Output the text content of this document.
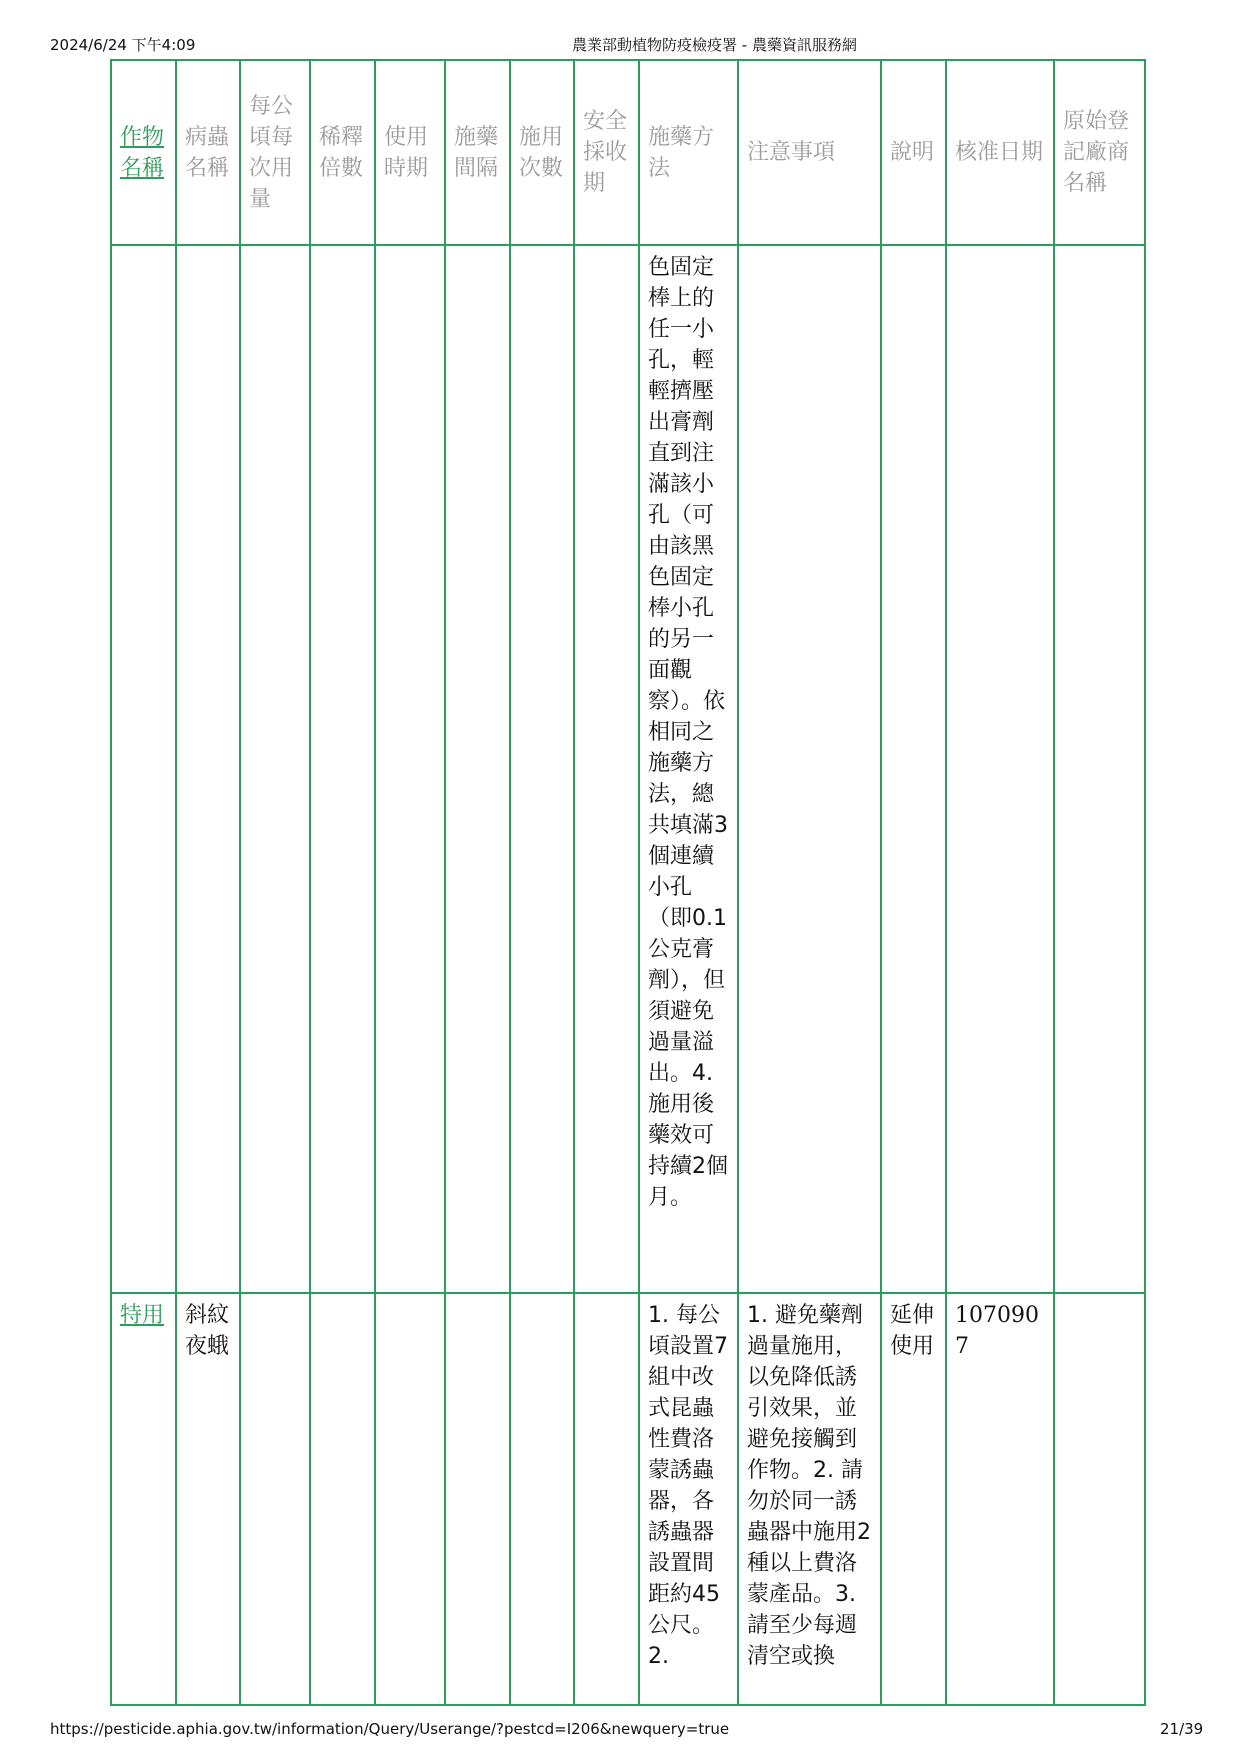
2024/6/24 下午4:09	農業部動植物防疫檢疫署 - 農藥資訊服務網
作物名稱	病蟲名稱	每公頃每次用量	稀釋倍數	使用時期	施藥間隔	施用次數	安全採收期	施藥方法	注意事項	說明	核准日期	原始登記廠商名稱

								色固定棒上的任一小孔，輕輕擠壓出膏劑直到注滿該小孔（可由該黑色固定棒小孔的另一面觀察）。依相同之施藥方法，總共填滿3個連續小孔（即0.1公克膏劑），但須避免過量溢出。4. 施用後藥效可持續2個月。				

特用	斜紋夜蛾							1. 每公頃設置7組中改式昆蟲性費洛蒙誘蟲器，各誘蟲器設置間距約45公尺。2.	1. 避免藥劑過量施用，以免降低誘引效果，並避免接觸到作物。2. 請勿於同一誘蟲器中施用2種以上費洛蒙產品。3. 請至少每週清空或換	延伸使用	1070907	

https://pesticide.aphia.gov.tw/information/Query/Userange/?pestcd=I206&newquery=true	21/39
